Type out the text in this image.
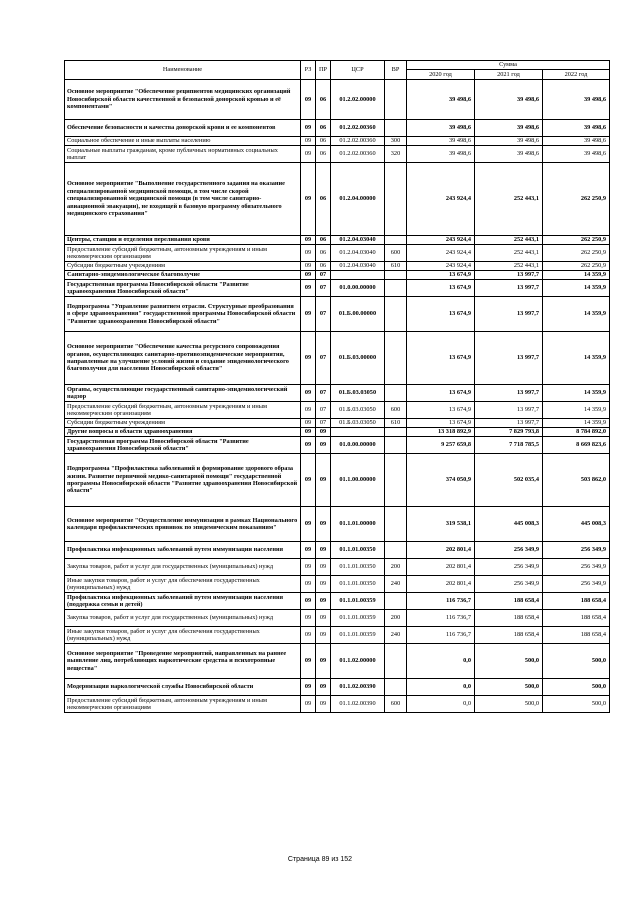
Наименование	РЗ	ПР	ЦСР	ВР	Сумма		
					2020 год	2021 год	2022 год
Основное мероприятие "Обеспечение реципиентов медицинских организаций Новосибирской области качественной и безопасной донорской кровью и её компонентами"	09	06	01.2.02.00000		39 498,6	39 498,6	39 498,6
Обеспечение безопасности и качества донорской крови и ее компонентов	09	06	01.2.02.00360		39 498,6	39 498,6	39 498,6
Социальное обеспечение и иные выплаты населению	09	06	01.2.02.00360	300	39 498,6	39 498,6	39 498,6
Социальные выплаты гражданам, кроме публичных нормативных социальных выплат	09	06	01.2.02.00360	320	39 498,6	39 498,6	39 498,6
Основное мероприятие "Выполнение государственного задания на оказание специализированной медицинской помощи, в том числе скорой специализированной медицинской помощи (в том числе санитарно-авиационной эвакуации), не входящей в базовую программу обязательного медицинского страхования"	09	06	01.2.04.00000		243 924,4	252 443,1	262 250,9
Центры, станции и отделения переливания крови	09	06	01.2.04.03040		243 924,4	252 443,1	262 250,9
Предоставление субсидий бюджетным, автономным учреждениям и иным некоммерческим организациям	09	06	01.2.04.03040	600	243 924,4	252 443,1	262 250,9
Субсидии бюджетным учреждениям	09	06	01.2.04.03040	610	243 924,4	252 443,1	262 250,9
Санитарно-эпидемиологическое благополучие	09	07			13 674,9	13 997,7	14 359,9
Государственная программа Новосибирской области "Развитие здравоохранения Новосибирской области"	09	07	01.0.00.00000		13 674,9	13 997,7	14 359,9
Подпрограмма "Управление развитием отрасли. Структурные преобразования в сфере здравоохранения" государственной программы Новосибирской области "Развитие здравоохранения Новосибирской области"	09	07	01.Б.00.00000		13 674,9	13 997,7	14 359,9
Основное мероприятие "Обеспечение качества ресурсного сопровождения органов, осуществляющих санитарно-противоэпидемические мероприятия, направленные на улучшение условий жизни и создание эпидемиологического благополучия для населения Новосибирской области"	09	07	01.Б.03.00000		13 674,9	13 997,7	14 359,9
Органы, осуществляющие государственный санитарно-эпидемиологический надзор	09	07	01.Б.03.03050		13 674,9	13 997,7	14 359,9
Предоставление субсидий бюджетным, автономным учреждениям и иным некоммерческим организациям	09	07	01.Б.03.03050	600	13 674,9	13 997,7	14 359,9
Субсидии бюджетным учреждениям	09	07	01.Б.03.03050	610	13 674,9	13 997,7	14 359,9
Другие вопросы в области здравоохранения	09	09			13 318 892,9	7 829 793,8	8 784 892,0
Государственная программа Новосибирской области "Развитие здравоохранения Новосибирской области"	09	09	01.0.00.00000		9 257 659,8	7 718 785,5	8 669 823,6
Подпрограмма "Профилактика заболеваний и формирование здорового образа жизни. Развитие первичной медико-санитарной помощи" государственной программы Новосибирской области "Развитие здравоохранения Новосибирской области"	09	09	01.1.00.00000		374 050,9	502 035,4	503 862,0
Основное мероприятие "Осуществление иммунизации в рамках Национального календаря профилактических прививок по эпидемическим показаниям"	09	09	01.1.01.00000		319 538,1	445 008,3	445 008,3
Профилактика инфекционных заболеваний путем иммунизации населения	09	09	01.1.01.00350		202 801,4	256 349,9	256 349,9
Закупка товаров, работ и услуг для государственных (муниципальных) нужд	09	09	01.1.01.00350	200	202 801,4	256 349,9	256 349,9
Иные закупки товаров, работ и услуг для обеспечения государственных (муниципальных) нужд	09	09	01.1.01.00350	240	202 801,4	256 349,9	256 349,9
Профилактика инфекционных заболеваний путем иммунизации населения (поддержка семьи и детей)	09	09	01.1.01.00359		116 736,7	188 658,4	188 658,4
Закупка товаров, работ и услуг для государственных (муниципальных) нужд	09	09	01.1.01.00359	200	116 736,7	188 658,4	188 658,4
Иные закупки товаров, работ и услуг для обеспечения государственных (муниципальных) нужд	09	09	01.1.01.00359	240	116 736,7	188 658,4	188 658,4
Основное мероприятие "Проведение мероприятий, направленных на раннее выявление лиц, потребляющих наркотические средства и психотропные вещества"	09	09	01.1.02.00000		0,0	500,0	500,0
Модернизация наркологической службы Новосибирской области	09	09	01.1.02.00390		0,0	500,0	500,0
Предоставление субсидий бюджетным, автономным учреждениям и иным некоммерческим организациям	09	09	01.1.02.00390	600	0,0	500,0	500,0
Страница 89 из 152
